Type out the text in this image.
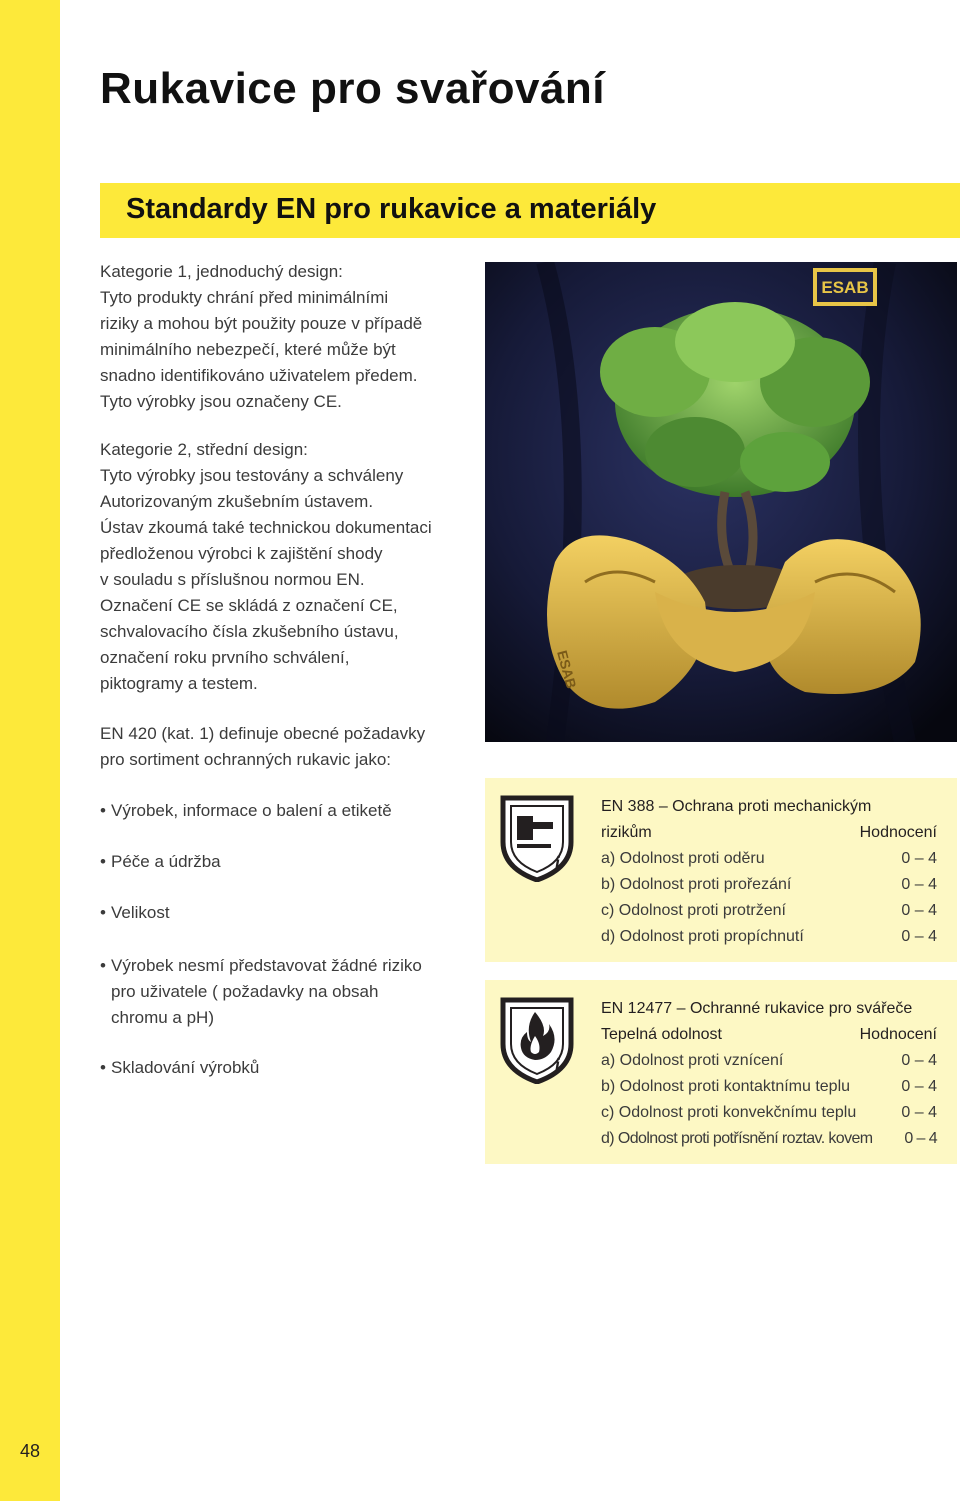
48
Rukavice pro svařování
Standardy EN pro rukavice a materiály
Kategorie 1, jednoduchý design:
Tyto produkty chrání před minimálními
riziky a mohou být použity pouze v případě
minimálního nebezpečí, které může být
snadno identifikováno uživatelem předem.
Tyto výrobky jsou označeny CE.
Kategorie 2, střední design:
Tyto výrobky jsou testovány a schváleny
Autorizovaným zkušebním ústavem.
Ústav zkoumá také technickou dokumentaci
předloženou výrobci k zajištění shody
v souladu s příslušnou normou EN.
Označení CE se skládá z označení CE,
schvalovacího čísla zkušebního ústavu,
označení roku prvního schválení,
piktogramy a testem.
EN 420 (kat. 1) definuje obecné požadavky
pro sortiment ochranných rukavic jako:
ESAB
ESAB
• Výrobek, informace o balení a etiketě
• Péče a údržba
• Velikost
• Výrobek nesmí představovat žádné riziko
pro uživatele ( požadavky na obsah
chromu a pH)
• Skladování výrobků
i
EN 388 – Ochrana proti mechanickým
rizikům	Hodnocení
a) Odolnost proti oděru	0 – 4
b) Odolnost proti prořezání	0 – 4
c) Odolnost proti protržení	0 – 4
d) Odolnost proti propíchnutí	0 – 4
i
EN 12477 – Ochranné rukavice pro svářeče
Tepelná odolnost	Hodnocení
a) Odolnost proti vznícení	0 – 4
b) Odolnost proti kontaktnímu teplu	0 – 4
c) Odolnost proti konvekčnímu teplu	0 – 4
d) Odolnost proti potřísnění roztav. kovem 0 – 4
